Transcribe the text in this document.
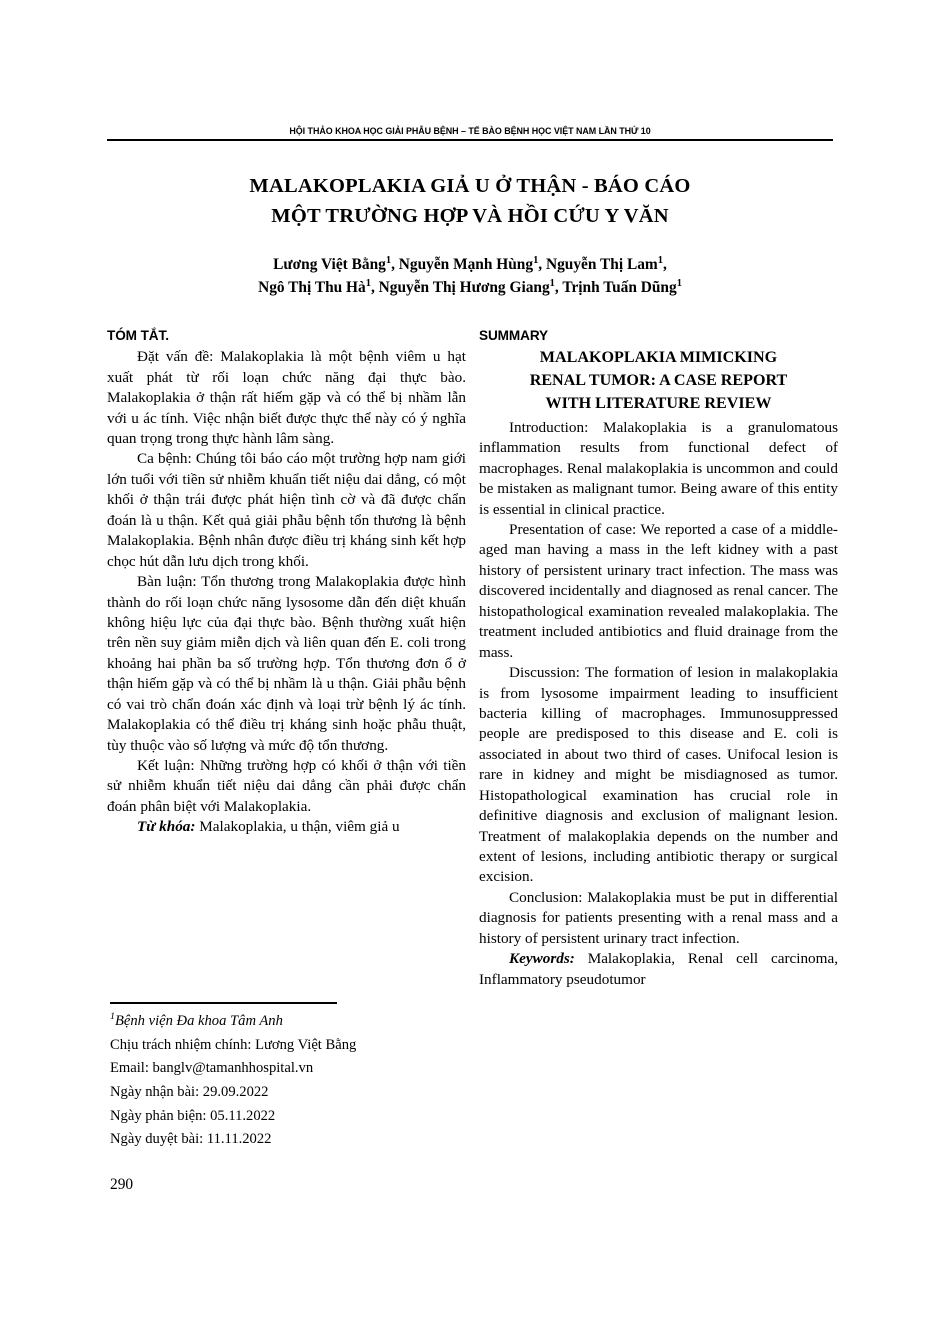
HỘI THẢO KHOA HỌC GIẢI PHẪU BỆNH – TẾ BÀO BỆNH HỌC VIỆT NAM LẦN THỨ 10
MALAKOPLAKIA GIẢ U Ở THẬN - BÁO CÁO
MỘT TRƯỜNG HỢP VÀ HỒI CỨU Y VĂN
Lương Việt Bằng$^1$, Nguyễn Mạnh Hùng$^1$, Nguyễn Thị Lam$^1$,
Ngô Thị Thu $Hà^1$, Nguyễn Thị Hương Giang$^1$, Trịnh Tuấn Dũng$^1$
TÓM TẮT.

Đặt vấn đề: Malakoplakia là một bệnh viêm u hạt xuất phát từ rối loạn chức năng đại thực bào. Malakoplakia ở thận rất hiếm gặp và có thể bị nhầm lẫn với u ác tính. Việc nhận biết được thực thể này có ý nghĩa quan trọng trong thực hành lâm sàng.

Ca bệnh: Chúng tôi báo cáo một trường hợp nam giới lớn tuổi với tiền sử nhiễm khuẩn tiết niệu dai dẳng, có một khối ở thận trái được phát hiện tình cờ và đã được chẩn đoán là u thận. Kết quả giải phẫu bệnh tổn thương là bệnh Malakoplakia. Bệnh nhân được điều trị kháng sinh kết hợp chọc hút dẫn lưu dịch trong khối.

Bàn luận: Tổn thương trong Malakoplakia được hình thành do rối loạn chức năng lysosome dẫn đến diệt khuẩn không hiệu lực của đại thực bào. Bệnh thường xuất hiện trên nền suy giảm miễn dịch và liên quan đến E. coli trong khoảng hai phần ba số trường hợp. Tổn thương đơn ổ ở thận hiếm gặp và có thể bị nhầm là u thận. Giải phẫu bệnh có vai trò chẩn đoán xác định và loại trừ bệnh lý ác tính. Malakoplakia có thể điều trị kháng sinh hoặc phẫu thuật, tùy thuộc vào số lượng và mức độ tổn thương.

Kết luận: Những trường hợp có khối ở thận với tiền sử nhiễm khuẩn tiết niệu dai dẳng cần phải được chẩn đoán phân biệt với Malakoplakia.

Từ khóa: Malakoplakia, u thận, viêm giả u

SUMMARY
MALAKOPLAKIA MIMICKING
RENAL TUMOR: A CASE REPORT
WITH LITERATURE REVIEW

Introduction: Malakoplakia is a granulomatous inflammation results from functional defect of macrophages. Renal malakoplakia is uncommon and could be mistaken as malignant tumor. Being aware of this entity is essential in clinical practice.

Presentation of case: We reported a case of a middle-aged man having a mass in the left kidney with a past history of persistent urinary tract infection. The mass was discovered incidentally and diagnosed as renal cancer. The histopathological examination revealed malakoplakia. The treatment included antibiotics and fluid drainage from the mass.

Discussion: The formation of lesion in malakoplakia is from lysosome impairment leading to insufficient bacteria killing of macrophages. Immunosuppressed people are predisposed to this disease and E. coli is associated in about two third of cases. Unifocal lesion is rare in kidney and might be misdiagnosed as tumor. Histopathological examination has crucial role in definitive diagnosis and exclusion of malignant lesion. Treatment of malakoplakia depends on the number and extent of lesions, including antibiotic therapy or surgical excision.

Conclusion: Malakoplakia must be put in differential diagnosis for patients presenting with a renal mass and a history of persistent urinary tract infection.

Keywords: Malakoplakia, Renal cell carcinoma, Inflammatory pseudotumor

$^1$Bệnh viện Đa khoa Tâm Anh
Chịu trách nhiệm chính: Lương Việt Bằng
Email: banglv@tamanhhospital.vn
Ngày nhận bài: 29.09.2022
Ngày phản biện: 05.11.2022
Ngày duyệt bài: 11.11.2022
290
